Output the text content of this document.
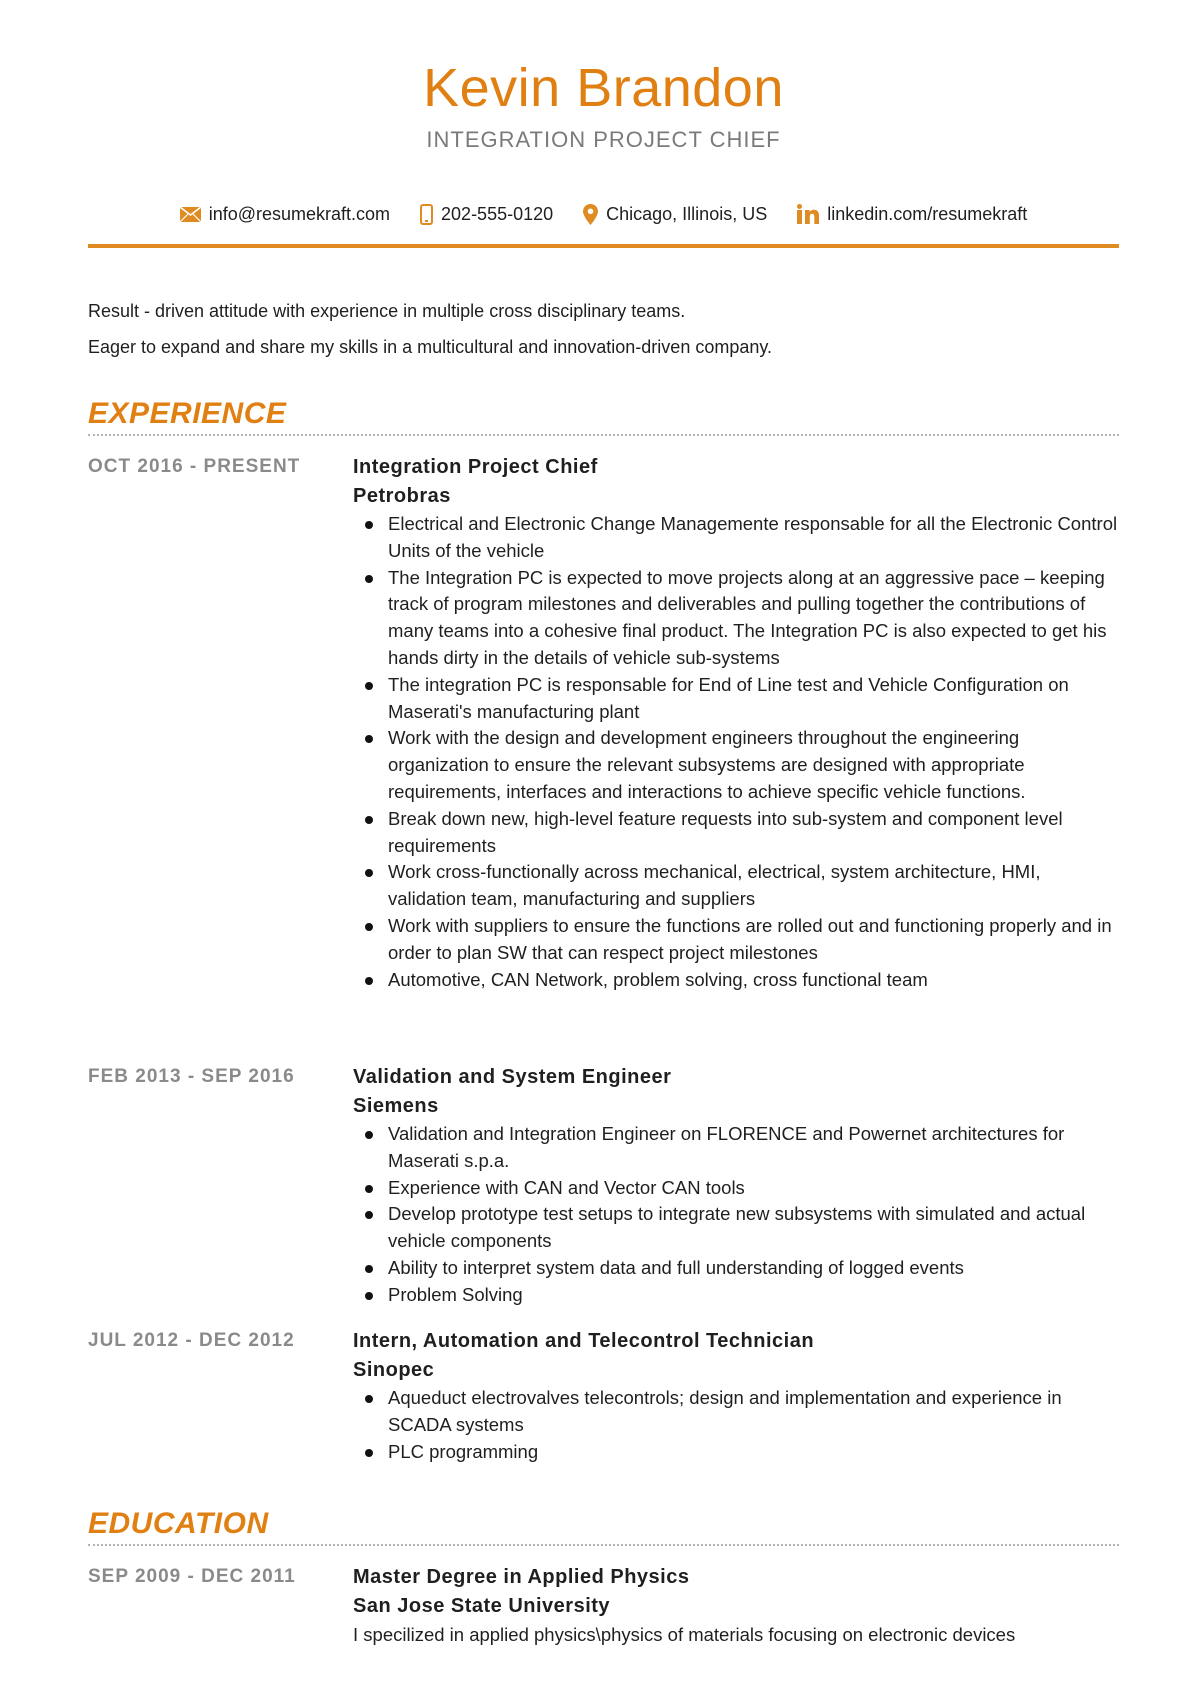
Kevin Brandon
INTEGRATION PROJECT CHIEF
info@resumekraft.com	202-555-0120	Chicago, Illinois, US	linkedin.com/resumekraft

Result - driven attitude with experience in multiple cross disciplinary teams.

Eager to expand and share my skills in a multicultural and innovation-driven company.

EXPERIENCE
OCT 2016 - PRESENT	Integration Project Chief
Petrobras
Electrical and Electronic Change Managemente responsable for all the Electronic Control Units of the vehicle
The Integration PC is expected to move projects along at an aggressive pace – keeping track of program milestones and deliverables and pulling together the contributions of many teams into a cohesive final product. The Integration PC is also expected to get his hands dirty in the details of vehicle sub-systems
The integration PC is responsable for End of Line test and Vehicle Configuration on Maserati's manufacturing plant
Work with the design and development engineers throughout the engineering organization to ensure the relevant subsystems are designed with appropriate requirements, interfaces and interactions to achieve specific vehicle functions.
Break down new, high-level feature requests into sub-system and component level requirements
Work cross-functionally across mechanical, electrical, system architecture, HMI, validation team, manufacturing and suppliers
Work with suppliers to ensure the functions are rolled out and functioning properly and in order to plan SW that can respect project milestones
Automotive, CAN Network, problem solving, cross functional team
FEB 2013 - SEP 2016	Validation and System Engineer
Siemens
Validation and Integration Engineer on FLORENCE and Powernet architectures for Maserati s.p.a.
Experience with CAN and Vector CAN tools
Develop prototype test setups to integrate new subsystems with simulated and actual vehicle components
Ability to interpret system data and full understanding of logged events
Problem Solving
JUL 2012 - DEC 2012	Intern, Automation and Telecontrol Technician
Sinopec
Aqueduct electrovalves telecontrols; design and implementation and experience in SCADA systems
PLC programming
EDUCATION
SEP 2009 - DEC 2011	Master Degree in Applied Physics
San Jose State University
I specilized in applied physics\physics of materials focusing on electronic devices
